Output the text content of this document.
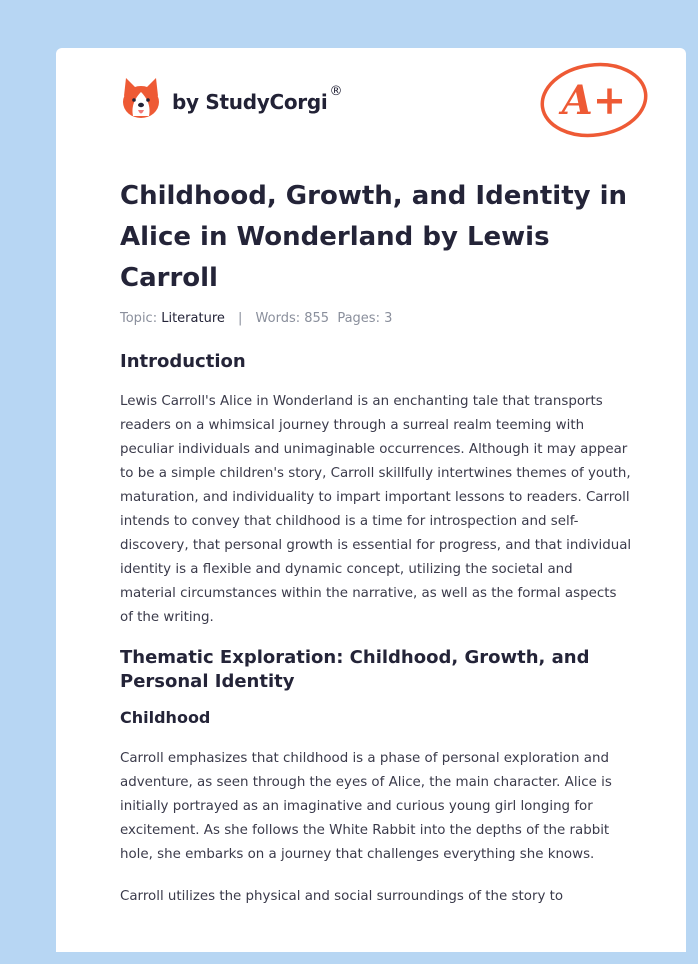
by StudyCorgi ®	A+
Childhood, Growth, and Identity in Alice in Wonderland by Lewis Carroll
Topic: Literature | Words: 855 Pages: 3
Introduction

Lewis Carroll's Alice in Wonderland is an enchanting tale that transports readers on a whimsical journey through a surreal realm teeming with peculiar individuals and unimaginable occurrences. Although it may appear to be a simple children's story, Carroll skillfully intertwines themes of youth, maturation, and individuality to impart important lessons to readers. Carroll intends to convey that childhood is a time for introspection and self-discovery, that personal growth is essential for progress, and that individual identity is a flexible and dynamic concept, utilizing the societal and material circumstances within the narrative, as well as the formal aspects of the writing.

Thematic Exploration: Childhood, Growth, and Personal Identity
Childhood

Carroll emphasizes that childhood is a phase of personal exploration and adventure, as seen through the eyes of Alice, the main character. Alice is initially portrayed as an imaginative and curious young girl longing for excitement. As she follows the White Rabbit into the depths of the rabbit hole, she embarks on a journey that challenges everything she knows.

Carroll utilizes the physical and social surroundings of the story to
